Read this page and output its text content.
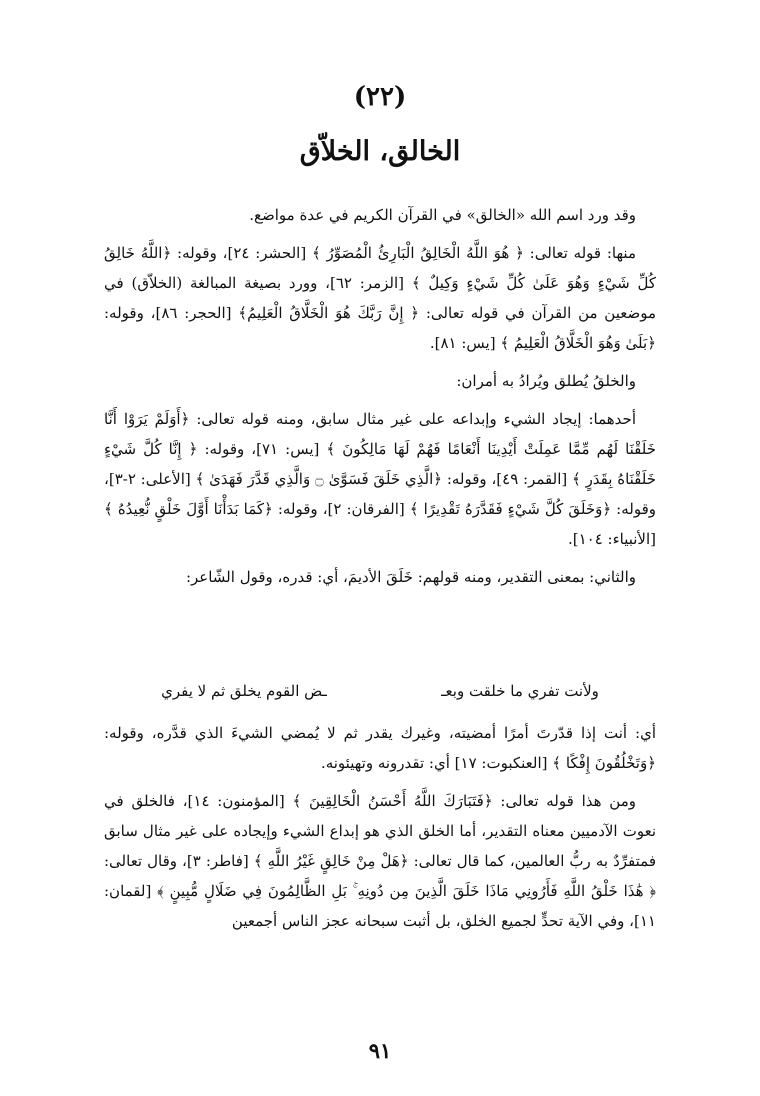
(٢٢)
الخالق، الخلاّق

وقد ورد اسم الله «الخالق» في القرآن الكريم في عدة مواضع.

منها: قوله تعالى: ﴿ هُوَ اللَّهُ الْخَالِقُ الْبَارِئُ الْمُصَوِّرُ ﴾ [الحشر: ٢٤]، وقوله: ﴿اللَّهُ خَالِقُ كُلِّ شَيْءٍ وَهُوَ عَلَىٰ كُلِّ شَيْءٍ وَكِيلٌ ﴾ [الزمر: ٦٢]، وورد بصيغة المبالغة (الخلاّق) في موضعين من القرآن في قوله تعالى: ﴿ إِنَّ رَبَّكَ هُوَ الْخَلَّاقُ الْعَلِيمُ﴾ [الحجر: ٨٦]، وقوله: ﴿بَلَىٰ وَهُوَ الْخَلَّاقُ الْعَلِيمُ ﴾ [يس: ٨١].

والخلقُ يُطلق ويُرادُ به أمران:

أحدهما: إيجاد الشيء وإبداعه على غير مثال سابق، ومنه قوله تعالى: ﴿أَوَلَمْ يَرَوْا أَنَّا خَلَقْنَا لَهُم مِّمَّا عَمِلَتْ أَيْدِينَا أَنْعَامًا فَهُمْ لَهَا مَالِكُونَ ﴾ [يس: ٧١]، وقوله: ﴿ إِنَّا كُلَّ شَيْءٍ خَلَقْنَاهُ بِقَدَرٍ ﴾ [القمر: ٤٩]، وقوله: ﴿الَّذِي خَلَقَ فَسَوَّىٰ ۝ وَالَّذِي قَدَّرَ فَهَدَىٰ ﴾ [الأعلى: ٢-٣]، وقوله: ﴿وَخَلَقَ كُلَّ شَيْءٍ فَقَدَّرَهُ تَقْدِيرًا ﴾ [الفرقان: ٢]، وقوله: ﴿كَمَا بَدَأْنَا أَوَّلَ خَلْقٍ نُّعِيدُهُ ﴾ [الأنبياء: ١٠٤].

والثاني: بمعنى التقدير، ومنه قولهم: خَلَقَ الأديمَ، أي: قدره، وقول الشّاعر:

ولأنت تفري ما خلقت وبعـ
ـض القوم يخلق ثم لا يفري

أي: أنت إذا قدّرتَ أمرًا أمضيته، وغيرك يقدر ثم لا يُمضي الشيءَ الذي قدَّره، وقوله: ﴿وَتَخْلُقُونَ إِفْكًا ﴾ [العنكبوت: ١٧] أي: تقدرونه وتهيئونه.

ومن هذا قوله تعالى: ﴿فَتَبَارَكَ اللَّهُ أَحْسَنُ الْخَالِقِينَ ﴾ [المؤمنون: ١٤]، فالخلق في نعوت الآدميين معناه التقدير، أما الخلق الذي هو إبداع الشيء وإيجاده على غير مثال سابق فمتفرِّدٌ به ربُّ العالمين، كما قال تعالى: ﴿هَلْ مِنْ خَالِقٍ غَيْرُ اللَّهِ ﴾ [فاطر: ٣]، وقال تعالى: ﴿ هَٰذَا خَلْقُ اللَّهِ فَأَرُونِي مَاذَا خَلَقَ الَّذِينَ مِن دُونِهِ ۚ بَلِ الظَّالِمُونَ فِي ضَلَالٍ مُّبِينٍ ﴾ [لقمان: ١١]، وفي الآية تحدٍّ لجميع الخلق، بل أثبت سبحانه عجز الناس أجمعين

٩١
